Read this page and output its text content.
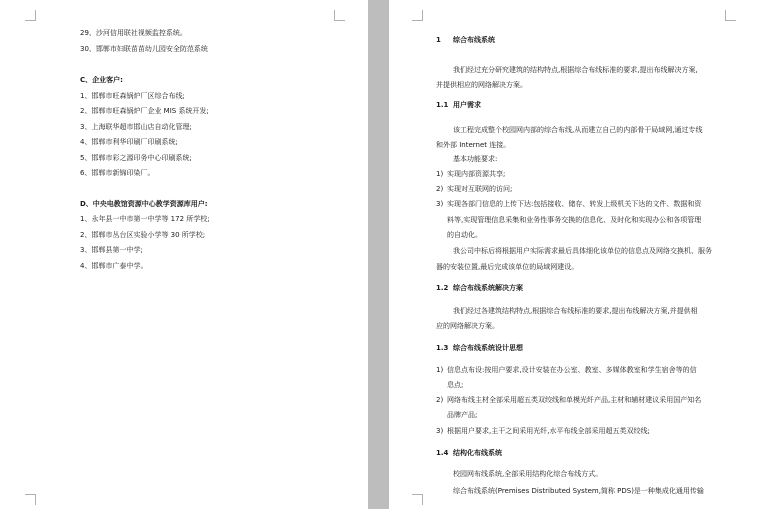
29、沙河信用联社视频监控系统。
30、邯郸市妇联苗苗幼儿园安全防范系统
C、企业客户:
1、邯郸市旺森锅炉厂区综合布线;
2、邯郸市旺森锅炉厂企业 MIS 系统开发;
3、上海联华超市邯山店自动化管理;
4、邯郸市利华印刷厂印刷系统;
5、邯郸市彩之源印务中心印刷系统;
6、邯郸市新锦印染厂。
D、中央电教馆资源中心教学资源库用户:
1、永年县一中市第一中学等 172 所学校;
2、邯郸市丛台区实验小学等 30 所学校;
3、邯郸县第一中学;
4、邯郸市广泰中学。
1 综合布线系统
我们经过充分研究建筑的结构特点,根据综合布线标准的要求,提出布线解决方案,
并提供相应的网络解决方案。
1.1 用户需求
该工程完成整个校园网内部的综合布线,从而建立自己的内部骨干局域网,通过专线
和外部 Internet 连接。
基本功能要求:
1) 实现内部资源共享;
2) 实现对互联网的访问;
3) 实现各部门信息的上传下达:包括接收、储存、转发上级机关下达的文件、数据和资
料等,实现管理信息采集和业务性事务交换的信息化、及时化和实现办公和各项管理
的自动化。
我公司中标后将根据用户实际需求最后具体细化该单位的信息点及网络交换机、服务
器的安装位置,最后完成该单位的局域网建设。
1.2 综合布线系统解决方案
我们经过各建筑结构特点,根据综合布线标准的要求,提出布线解决方案,并提供相
应的网络解决方案。
1.3 综合布线系统设计思想
1) 信息点布设:按用户要求,设计安装在办公室、教室、多媒体教室和学生宿舍等的信
息点;
2) 网络布线主材全部采用超五类双绞线和单模光纤产品,主材和辅材建议采用国产知名
品牌产品;
3) 根据用户要求,主干之间采用光纤,水平布线全部采用超五类双绞线;
1.4 结构化布线系统
校园网布线系统,全部采用结构化综合布线方式。
综合布线系统(Premises Distributed System,简称 PDS)是一种集成化通用传输
